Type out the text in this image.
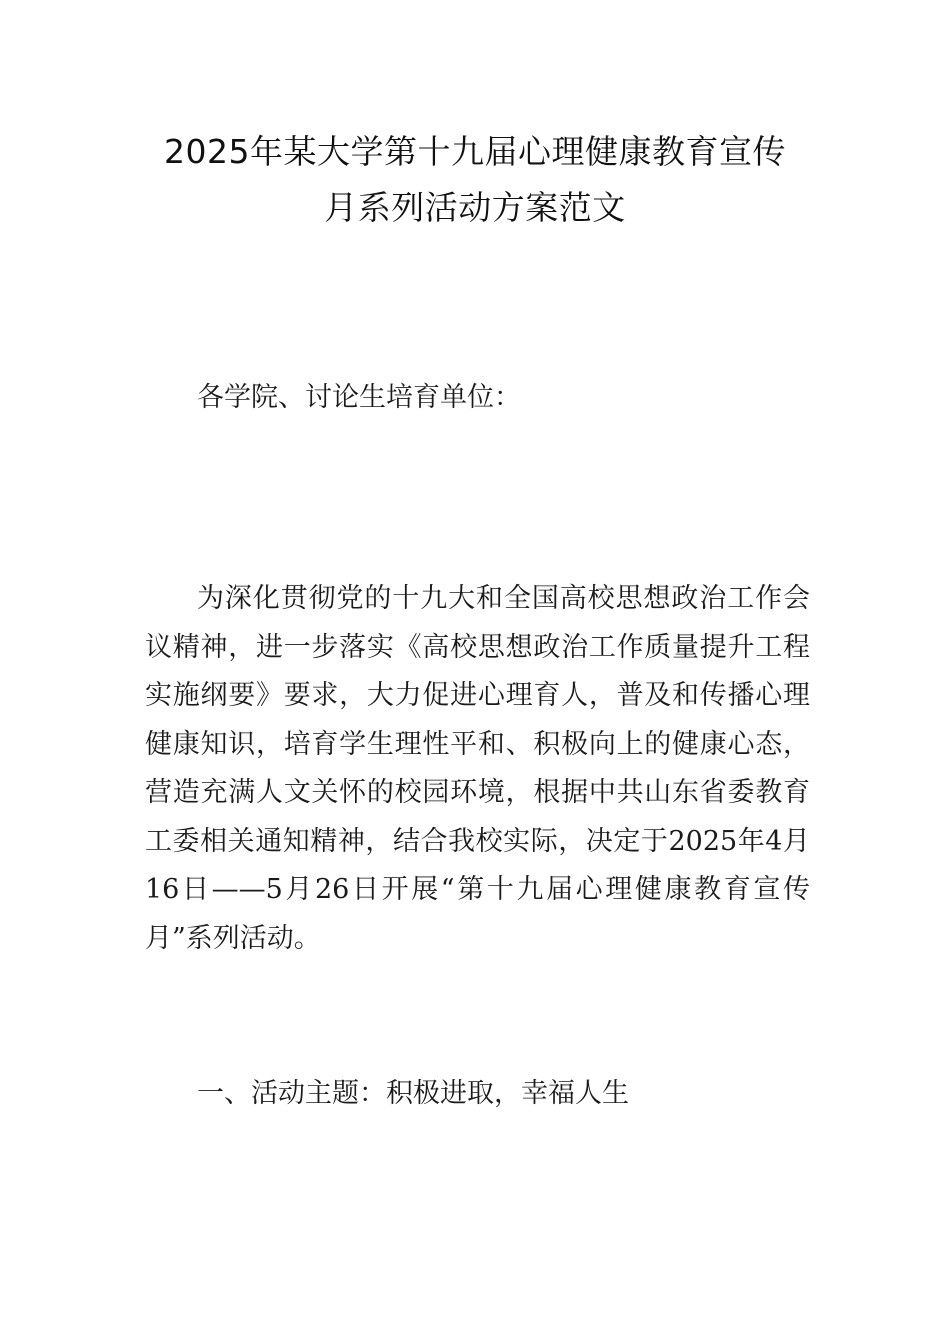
2025年某大学第十九届心理健康教育宣传
月系列活动方案范文

各学院、讨论生培育单位：

为深化贯彻党的十九大和全国高校思想政治工作会议精神，进一步落实《高校思想政治工作质量提升工程实施纲要》要求，大力促进心理育人，普及和传播心理健康知识，培育学生理性平和、积极向上的健康心态，营造充满人文关怀的校园环境，根据中共山东省委教育工委相关通知精神，结合我校实际，决定于2025年4月16日——5月26日开展“第十九届心理健康教育宣传月”系列活动。

一、活动主题：积极进取，幸福人生
